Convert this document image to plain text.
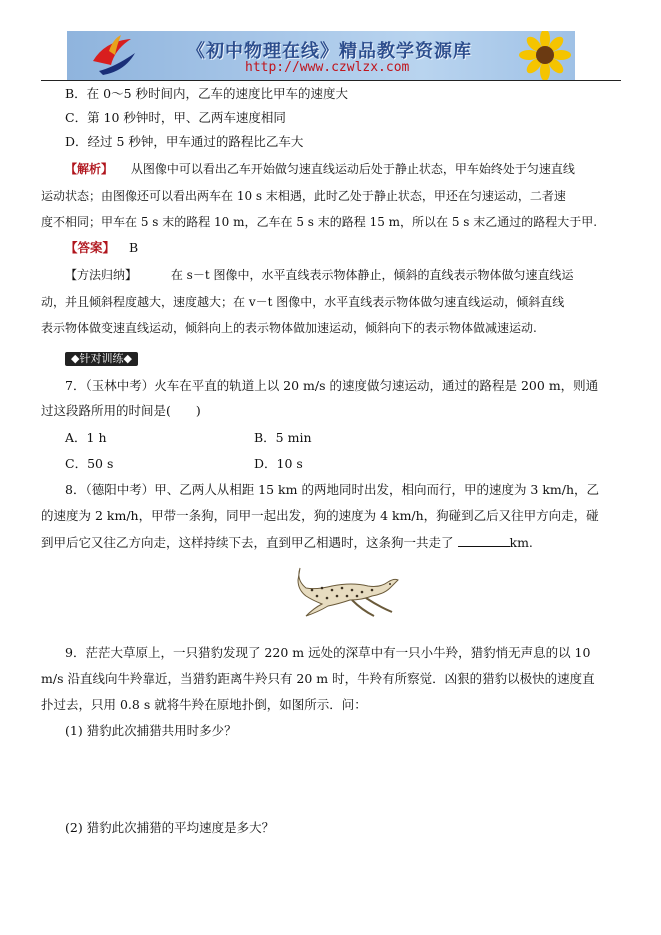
《初中物理在线》精品教学资源库
http://www.czwlzx.com
B．在 0～5 秒时间内，乙车的速度比甲车的速度大
C．第 10 秒钟时，甲、乙两车速度相同
D．经过 5 秒钟，甲车通过的路程比乙车大
【解析】 从图像中可以看出乙车开始做匀速直线运动后处于静止状态，甲车始终处于匀速直线
运动状态；由图像还可以看出两车在 10 s 末相遇，此时乙处于静止状态，甲还在匀速运动，二者速
度不相同；甲车在 5 s 末的路程 10 m，乙车在 5 s 末的路程 15 m，所以在 5 s 末乙通过的路程大于甲.
【答案】 B
【方法归纳】	在 s－t 图像中，水平直线表示物体静止，倾斜的直线表示物体做匀速直线运
动，并且倾斜程度越大，速度越大；在 v－t 图像中，水平直线表示物体做匀速直线运动，倾斜直线
表示物体做变速直线运动，倾斜向上的表示物体做加速运动，倾斜向下的表示物体做减速运动.
◆针对训练◆
7．（玉林中考）火车在平直的轨道上以 20 m/s 的速度做匀速运动，通过的路程是 200 m，则通
过这段路所用的时间是(　　)
A．1 h	B．5 min
C．50 s	D．10 s
8．（德阳中考）甲、乙两人从相距 15 km 的两地同时出发，相向而行，甲的速度为 3 km/h，乙
的速度为 2 km/h，甲带一条狗，同甲一起出发，狗的速度为 4 km/h，狗碰到乙后又往甲方向走，碰
到甲后它又往乙方向走，这样持续下去，直到甲乙相遇时，这条狗一共走了	km.
9．茫茫大草原上，一只猎豹发现了 220 m 远处的深草中有一只小牛羚，猎豹悄无声息的以 10
m/s 沿直线向牛羚靠近，当猎豹距离牛羚只有 20 m 时，牛羚有所察觉．凶狠的猎豹以极快的速度直
扑过去，只用 0.8 s 就将牛羚在原地扑倒，如图所示．问：
(1) 猎豹此次捕猎共用时多少？
(2) 猎豹此次捕猎的平均速度是多大？
